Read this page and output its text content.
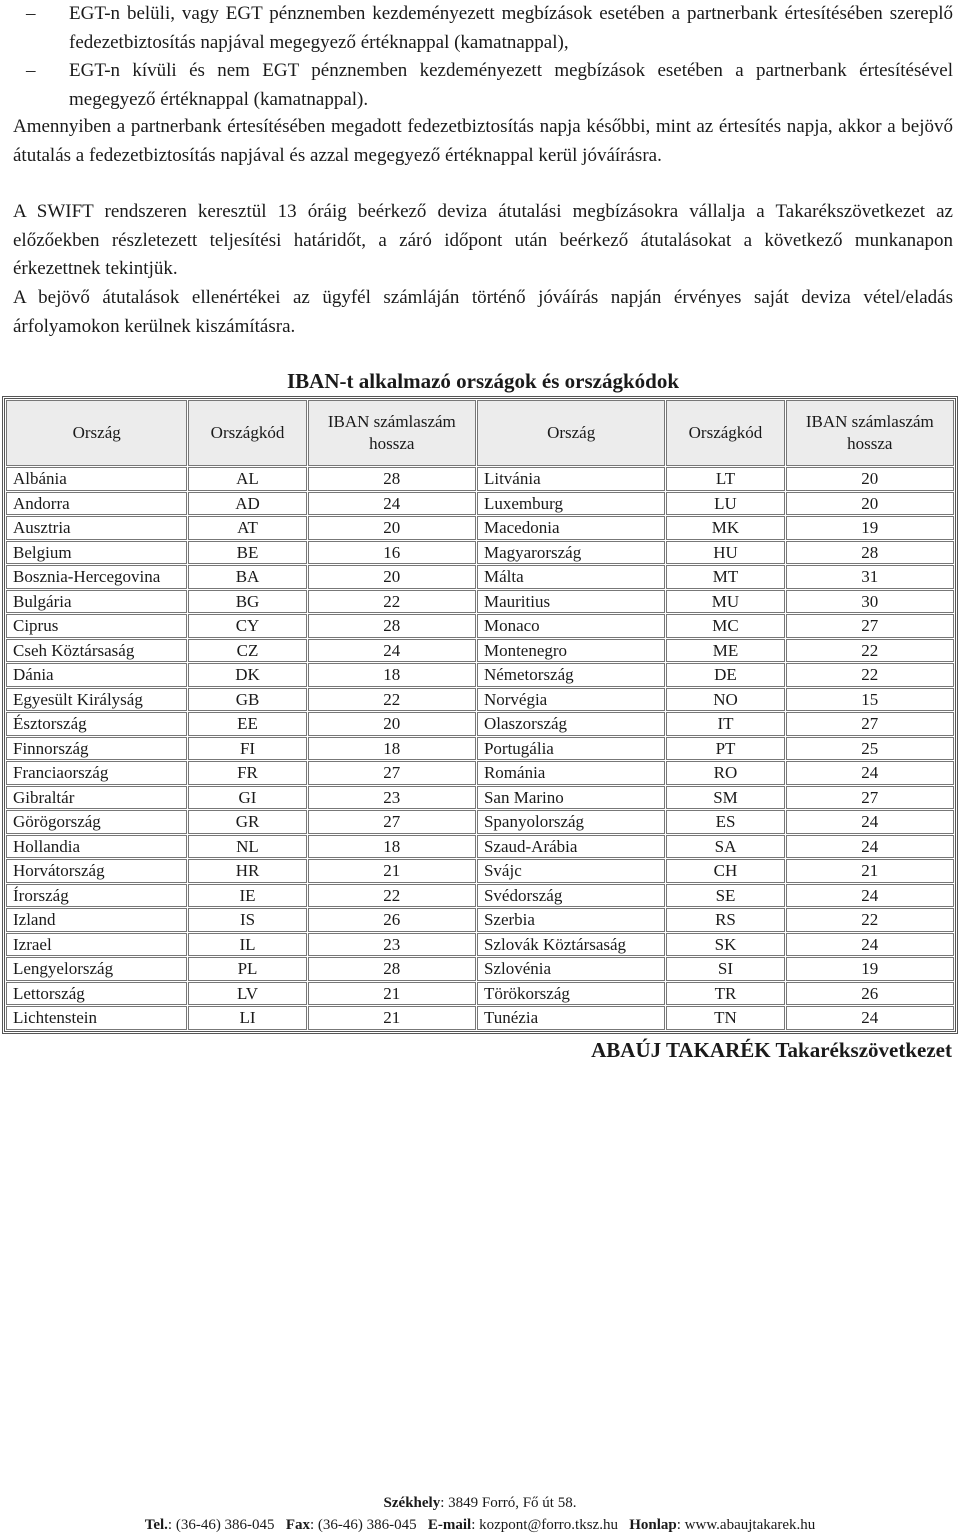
– EGT-n belüli, vagy EGT pénznemben kezdeményezett megbízások esetében a partnerbank értesítésében szereplő fedezetbiztosítás napjával megegyező értéknappal (kamatnappal),
– EGT-n kívüli és nem EGT pénznemben kezdeményezett megbízások esetében a partnerbank értesítésével megegyező értéknappal (kamatnappal).

Amennyiben a partnerbank értesítésében megadott fedezetbiztosítás napja későbbi, mint az értesítés napja, akkor a bejövő átutalás a fedezetbiztosítás napjával és azzal megegyező értéknappal kerül jóváírásra.

A SWIFT rendszeren keresztül 13 óráig beérkező deviza átutalási megbízásokra vállalja a Takarékszövetkezet az előzőekben részletezett teljesítési határidőt, a záró időpont után beérkező átutalásokat a következő munkanapon érkezettnek tekintjük.

A bejövő átutalások ellenértékei az ügyfél számláján történő jóváírás napján érvényes saját deviza vétel/eladás árfolyamokon kerülnek kiszámításra.

IBAN-t alkalmazó országok és országkódok
Ország	Országkód	IBAN számlaszám hossza	Ország	Országkód	IBAN számlaszám hossza
Albánia	AL	28	Litvánia	LT	20
Andorra	AD	24	Luxemburg	LU	20
Ausztria	AT	20	Macedonia	MK	19
Belgium	BE	16	Magyarország	HU	28
Bosznia-Hercegovina	BA	20	Málta	MT	31
Bulgária	BG	22	Mauritius	MU	30
Ciprus	CY	28	Monaco	MC	27
Cseh Köztársaság	CZ	24	Montenegro	ME	22
Dánia	DK	18	Németország	DE	22
Egyesült Királyság	GB	22	Norvégia	NO	15
Észtország	EE	20	Olaszország	IT	27
Finnország	FI	18	Portugália	PT	25
Franciaország	FR	27	Románia	RO	24
Gibraltár	GI	23	San Marino	SM	27
Görögország	GR	27	Spanyolország	ES	24
Hollandia	NL	18	Szaud-Arábia	SA	24
Horvátország	HR	21	Svájc	CH	21
Írország	IE	22	Svédország	SE	24
Izland	IS	26	Szerbia	RS	22
Izrael	IL	23	Szlovák Köztársaság	SK	24
Lengyelország	PL	28	Szlovénia	SI	19
Lettország	LV	21	Törökország	TR	26
Lichtenstein	LI	21	Tunézia	TN	24

ABAÚJ TAKARÉK Takarékszövetkezet

Székhely: 3849 Forró, Fő út 58.
Tel.: (36-46) 386-045 Fax: (36-46) 386-045 E-mail: kozpont@forro.tksz.hu Honlap: www.abaujtakarek.hu
